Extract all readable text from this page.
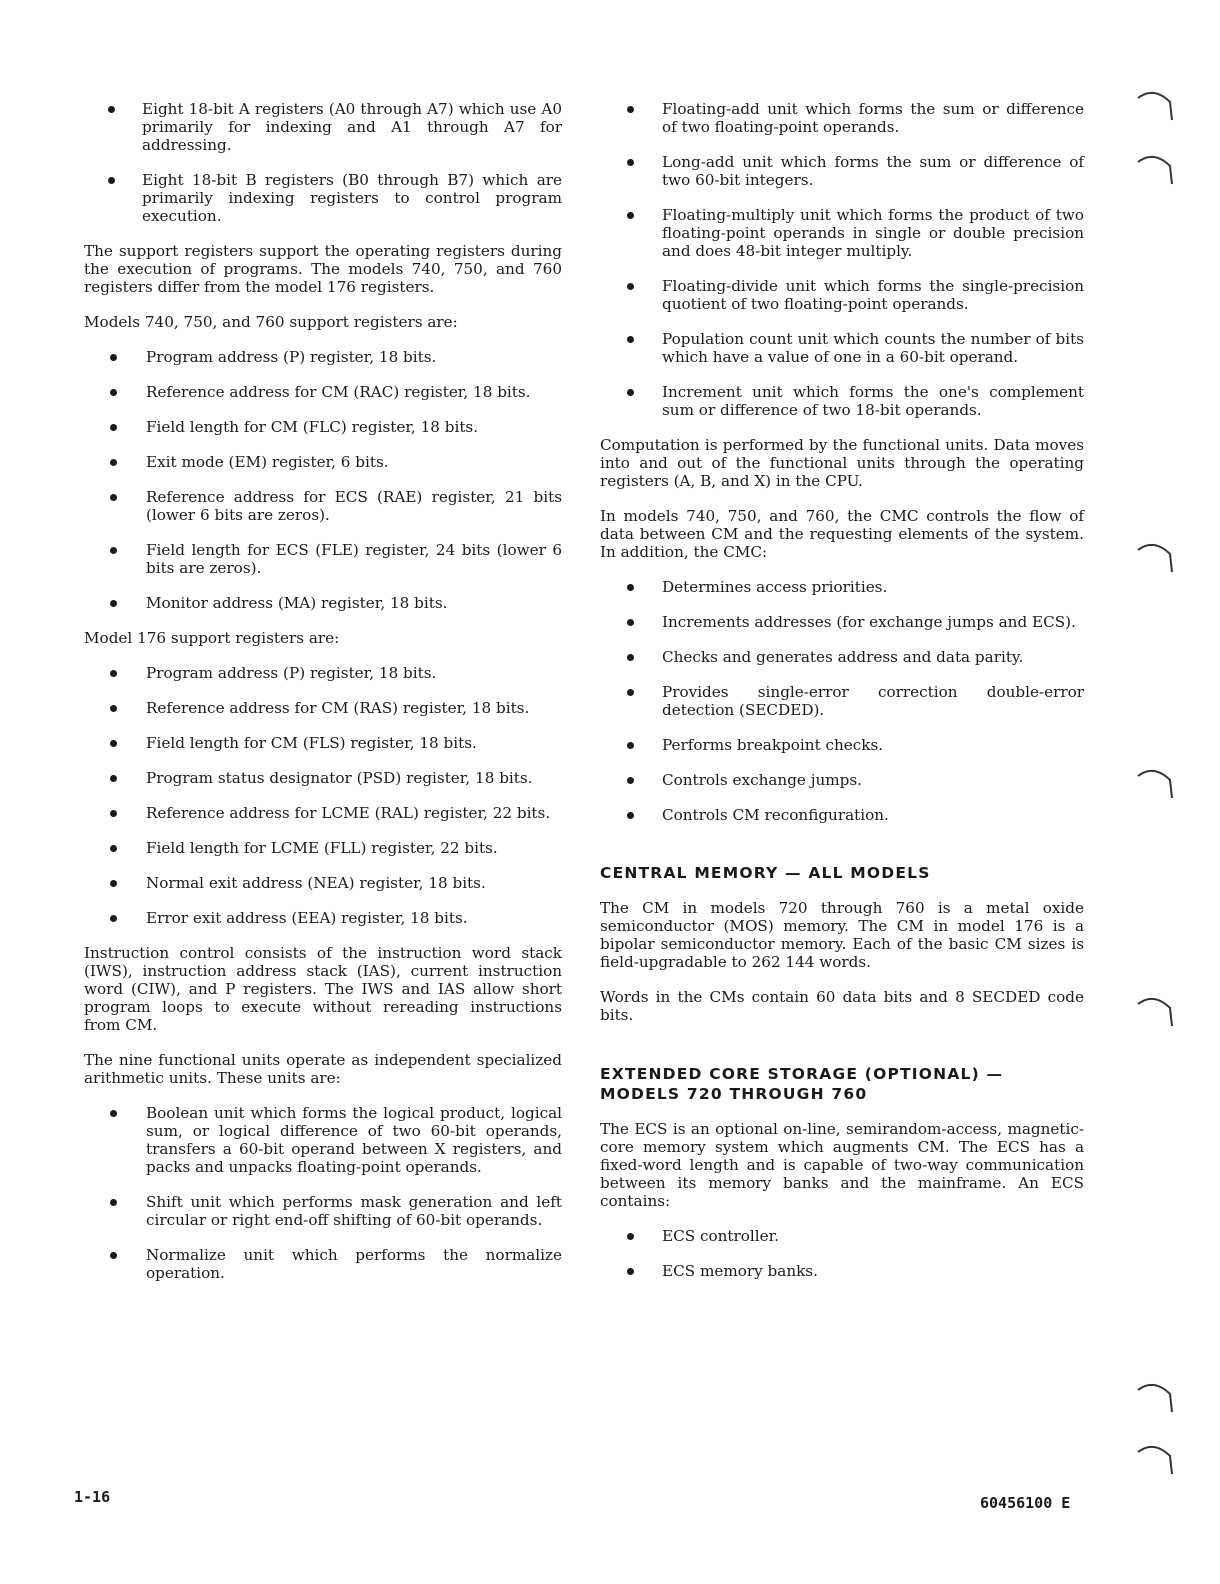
Eight 18-bit A registers (A0 through A7) which use A0 primarily for indexing and A1 through A7 for addressing.
Eight 18-bit B registers (B0 through B7) which are primarily indexing registers to control program execution.

The support registers support the operating registers during the execution of programs. The models 740, 750, and 760 registers differ from the model 176 registers.

Models 740, 750, and 760 support registers are:

Program address (P) register, 18 bits.
Reference address for CM (RAC) register, 18 bits.
Field length for CM (FLC) register, 18 bits.
Exit mode (EM) register, 6 bits.
Reference address for ECS (RAE) register, 21 bits (lower 6 bits are zeros).
Field length for ECS (FLE) register, 24 bits (lower 6 bits are zeros).
Monitor address (MA) register, 18 bits.

Model 176 support registers are:

Program address (P) register, 18 bits.
Reference address for CM (RAS) register, 18 bits.
Field length for CM (FLS) register, 18 bits.
Program status designator (PSD) register, 18 bits.
Reference address for LCME (RAL) register, 22 bits.
Field length for LCME (FLL) register, 22 bits.
Normal exit address (NEA) register, 18 bits.
Error exit address (EEA) register, 18 bits.

Instruction control consists of the instruction word stack (IWS), instruction address stack (IAS), current instruction word (CIW), and P registers. The IWS and IAS allow short program loops to execute without rereading instructions from CM.

The nine functional units operate as independent specialized arithmetic units. These units are:

Boolean unit which forms the logical product, logical sum, or logical difference of two 60-bit operands, transfers a 60-bit operand between X registers, and packs and unpacks floating-point operands.
Shift unit which performs mask generation and left circular or right end-off shifting of 60-bit operands.
Normalize unit which performs the normalize operation.
Floating-add unit which forms the sum or difference of two floating-point operands.
Long-add unit which forms the sum or difference of two 60-bit integers.
Floating-multiply unit which forms the product of two floating-point operands in single or double precision and does 48-bit integer multiply.
Floating-divide unit which forms the single-precision quotient of two floating-point operands.
Population count unit which counts the number of bits which have a value of one in a 60-bit operand.
Increment unit which forms the one's complement sum or difference of two 18-bit operands.

Computation is performed by the functional units. Data moves into and out of the functional units through the operating registers (A, B, and X) in the CPU.

In models 740, 750, and 760, the CMC controls the flow of data between CM and the requesting elements of the system. In addition, the CMC:

Determines access priorities.
Increments addresses (for exchange jumps and ECS).
Checks and generates address and data parity.
Provides single-error correction double-error detection (SECDED).
Performs breakpoint checks.
Controls exchange jumps.
Controls CM reconfiguration.
CENTRAL MEMORY — ALL MODELS

The CM in models 720 through 760 is a metal oxide semiconductor (MOS) memory. The CM in model 176 is a bipolar semiconductor memory. Each of the basic CM sizes is field-upgradable to 262 144 words.

Words in the CMs contain 60 data bits and 8 SECDED code bits.

EXTENDED CORE STORAGE (OPTIONAL) — MODELS 720 THROUGH 760

The ECS is an optional on-line, semirandom-access, magnetic-core memory system which augments CM. The ECS has a fixed-word length and is capable of two-way communication between its memory banks and the mainframe. An ECS contains:

ECS controller.
ECS memory banks.
1-16	60456100 E
